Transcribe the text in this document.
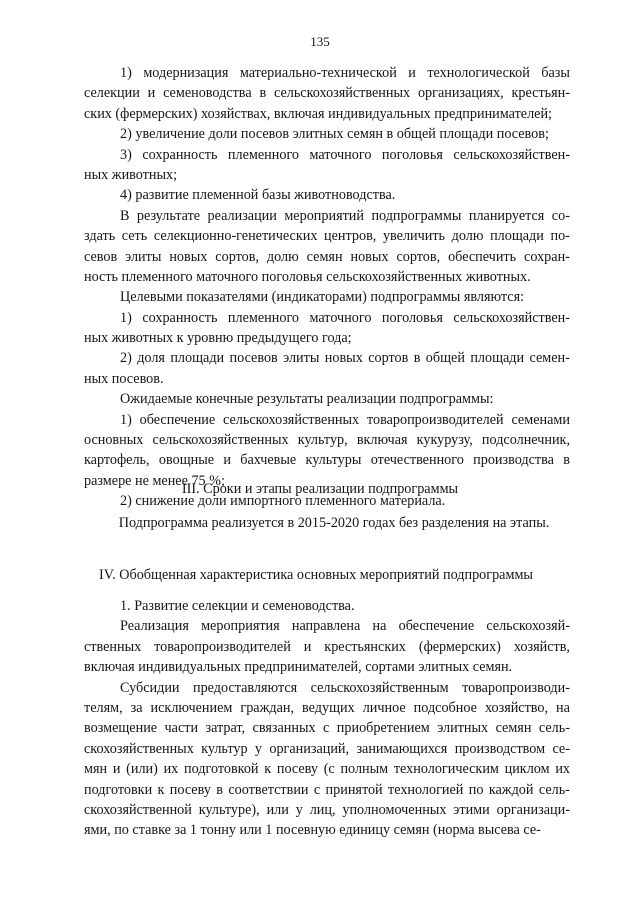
135
1) модернизация материально-технической и технологической базы
селекции и семеноводства в сельскохозяйственных организациях, крестьян-
ских (фермерских) хозяйствах, включая индивидуальных предпринимателей;
2) увеличение доли посевов элитных семян в общей площади посевов;
3) сохранность племенного маточного поголовья сельскохозяйствен-
ных животных;
4) развитие племенной базы животноводства.
В результате реализации мероприятий подпрограммы планируется со-
здать сеть селекционно-генетических центров, увеличить долю площади по-
севов элиты новых сортов, долю семян новых сортов, обеспечить сохран-
ность племенного маточного поголовья сельскохозяйственных животных.
Целевыми показателями (индикаторами) подпрограммы являются:
1) сохранность племенного маточного поголовья сельскохозяйствен-
ных животных к уровню предыдущего года;
2) доля площади посевов элиты новых сортов в общей площади семен-
ных посевов.
Ожидаемые конечные результаты реализации подпрограммы:
1) обеспечение сельскохозяйственных товаропроизводителей семенами
основных сельскохозяйственных культур, включая кукурузу, подсолнечник,
картофель, овощные и бахчевые культуры отечественного производства в
размере не менее 75 %;
2) снижение доли импортного племенного материала.
III. Сроки и этапы реализации подпрограммы
Подпрограмма реализуется в 2015-2020 годах без разделения на этапы.
IV. Обобщенная характеристика основных мероприятий подпрограммы
1. Развитие селекции и семеноводства.
Реализация мероприятия направлена на обеспечение сельскохозяй-
ственных товаропроизводителей и крестьянских (фермерских) хозяйств,
включая индивидуальных предпринимателей, сортами элитных семян.
Субсидии предоставляются сельскохозяйственным товаропроизводи-
телям, за исключением граждан, ведущих личное подсобное хозяйство, на
возмещение части затрат, связанных с приобретением элитных семян сель-
скохозяйственных культур у организаций, занимающихся производством се-
мян и (или) их подготовкой к посеву (с полным технологическим циклом их
подготовки к посеву в соответствии с принятой технологией по каждой сель-
скохозяйственной культуре), или у лиц, уполномоченных этими организаци-
ями, по ставке за 1 тонну или 1 посевную единицу семян (норма высева се-
